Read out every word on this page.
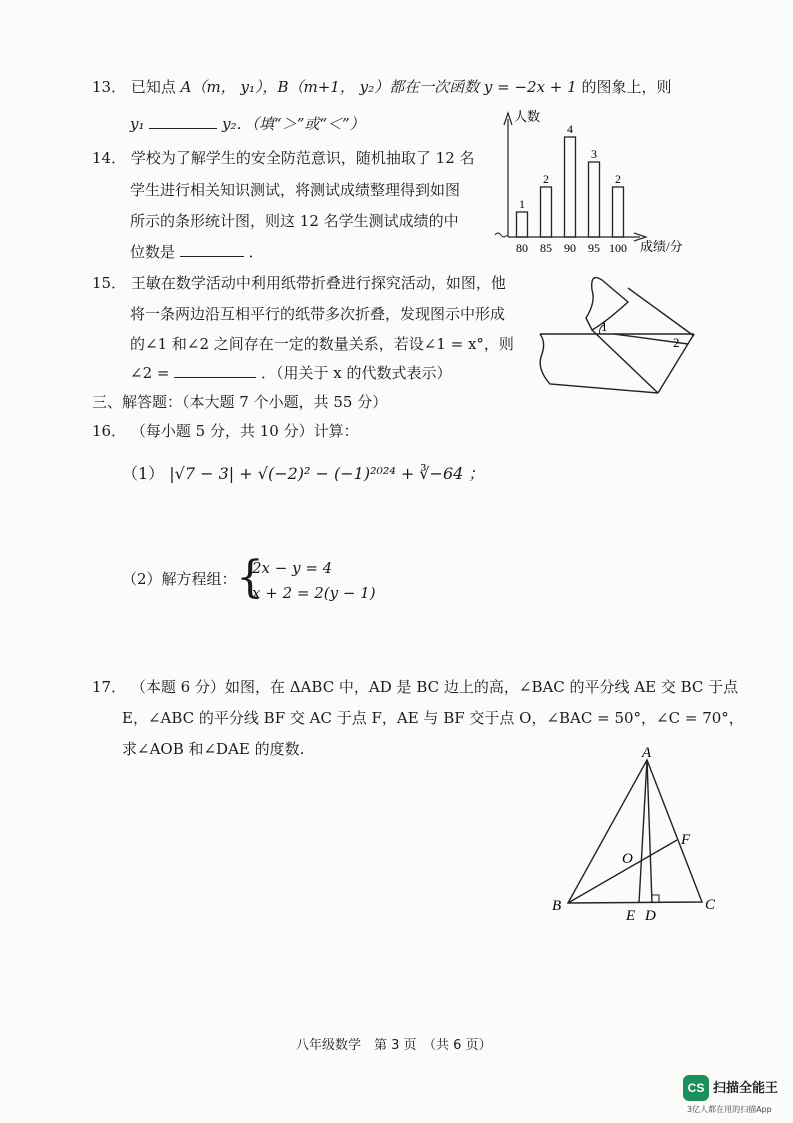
13． 已知点 A（m， y₁），B（m+1， y₂）都在一次函数 y = −2x + 1 的图象上，则
y₁	y₂．（填“＞”或“＜”）
14． 学校为了解学生的安全防范意识，随机抽取了 12 名
学生进行相关知识测试，将测试成绩整理得到如图
所示的条形统计图，则这 12 名学生测试成绩的中
位数是	．
人数
成绩/分
1
80
2
85
4
90
3
95
2
100
15． 王敏在数学活动中利用纸带折叠进行探究活动，如图，他
将一条两边沿互相平行的纸带多次折叠，发现图示中形成
的∠1 和∠2 之间存在一定的数量关系，若设∠1 = x°，则
∠2 =	．（用关于 x 的代数式表示）
1
2
三、解答题：（本大题 7 个小题，共 55 分）
16． （每小题 5 分，共 10 分）计算：
（1） |√7 − 3| + √(−2)² − (−1)²⁰²⁴ + ∛−64 ；
（2）解方程组： {
2x − y = 4
x + 2 = 2(y − 1)
17． （本题 6 分）如图，在 ΔABC 中，AD 是 BC 边上的高，∠BAC 的平分线 AE 交 BC 于点
E，∠ABC 的平分线 BF 交 AC 于点 F，AE 与 BF 交于点 O，∠BAC = 50°，∠C = 70°，
求∠AOB 和∠DAE 的度数.	A
B	C
D
E
F
O
八年级数学　第 3 页　（共 6 页）
CS 扫描全能王
3亿人都在用的扫描App
